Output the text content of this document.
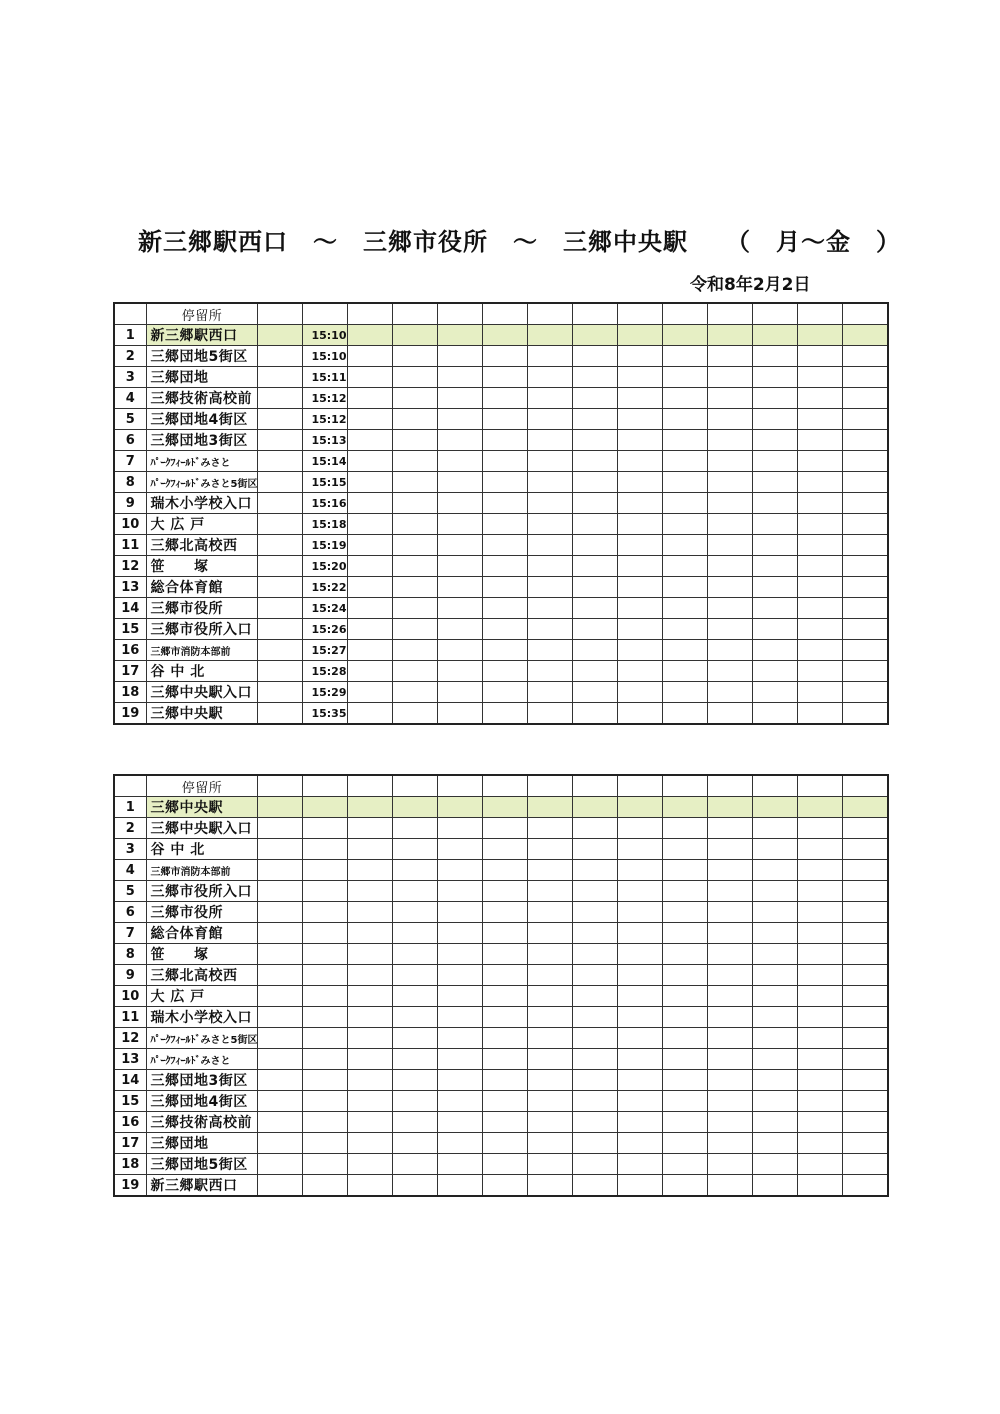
新三郷駅西口　～　三郷市役所　～　三郷中央駅　　（　月～金　）
令和8年2月2日
	停留所														
1	新三郷駅西口		15:10												
2	三郷団地5街区		15:10												
3	三郷団地		15:11												
4	三郷技術高校前		15:12												
5	三郷団地4街区		15:12												
6	三郷団地3街区		15:13												
7	ﾊﾟｰｸﾌｨｰﾙﾄﾞみさと		15:14												
8	ﾊﾟｰｸﾌｨｰﾙﾄﾞみさと5街区		15:15												
9	瑞木小学校入口		15:16												
10	大 広 戸		15:18												
11	三郷北高校西		15:19												
12	笹　　塚		15:20												
13	総合体育館		15:22												
14	三郷市役所		15:24												
15	三郷市役所入口		15:26												
16	三郷市消防本部前		15:27												
17	谷 中 北		15:28												
18	三郷中央駅入口		15:29												
19	三郷中央駅		15:35												
	停留所														
1	三郷中央駅														
2	三郷中央駅入口														
3	谷 中 北														
4	三郷市消防本部前														
5	三郷市役所入口														
6	三郷市役所														
7	総合体育館														
8	笹　　塚														
9	三郷北高校西														
10	大 広 戸														
11	瑞木小学校入口														
12	ﾊﾟｰｸﾌｨｰﾙﾄﾞみさと5街区														
13	ﾊﾟｰｸﾌｨｰﾙﾄﾞみさと														
14	三郷団地3街区														
15	三郷団地4街区														
16	三郷技術高校前														
17	三郷団地														
18	三郷団地5街区														
19	新三郷駅西口														
